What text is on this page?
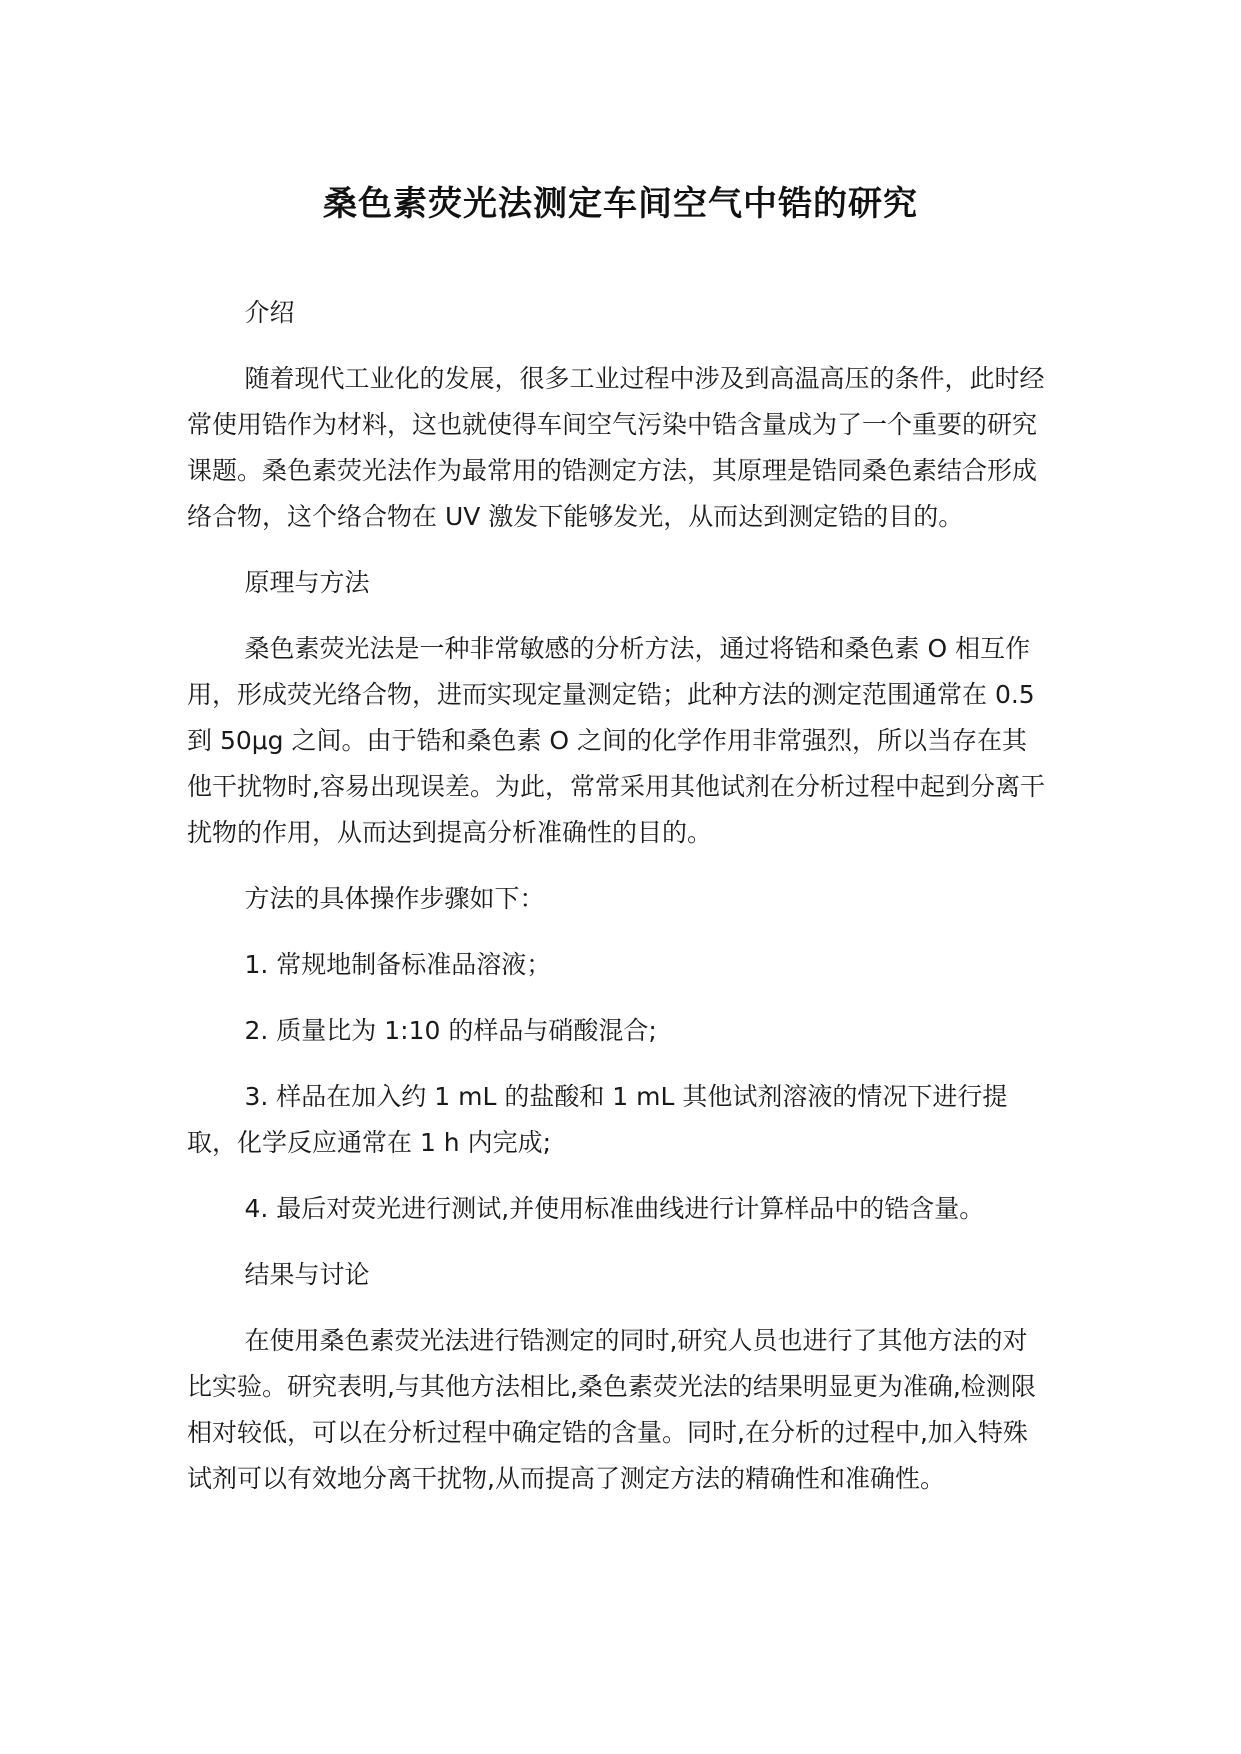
桑色素荧光法测定车间空气中锆的研究

介绍

随着现代工业化的发展，很多工业过程中涉及到高温高压的条件，此时经常使用锆作为材料，这也就使得车间空气污染中锆含量成为了一个重要的研究课题。桑色素荧光法作为最常用的锆测定方法，其原理是锆同桑色素结合形成络合物，这个络合物在 UV 激发下能够发光，从而达到测定锆的目的。

原理与方法

桑色素荧光法是一种非常敏感的分析方法，通过将锆和桑色素 O 相互作用，形成荧光络合物，进而实现定量测定锆；此种方法的测定范围通常在 0.5 到 50μg 之间。由于锆和桑色素 O 之间的化学作用非常强烈，所以当存在其他干扰物时,容易出现误差。为此，常常采用其他试剂在分析过程中起到分离干扰物的作用，从而达到提高分析准确性的目的。

方法的具体操作步骤如下：

1. 常规地制备标准品溶液；

2. 质量比为 1:10 的样品与硝酸混合;

3. 样品在加入约 1 mL 的盐酸和 1 mL 其他试剂溶液的情况下进行提取，化学反应通常在 1 h 内完成;

4. 最后对荧光进行测试,并使用标准曲线进行计算样品中的锆含量。

结果与讨论

在使用桑色素荧光法进行锆测定的同时,研究人员也进行了其他方法的对比实验。研究表明,与其他方法相比,桑色素荧光法的结果明显更为准确,检测限相对较低，可以在分析过程中确定锆的含量。同时,在分析的过程中,加入特殊试剂可以有效地分离干扰物,从而提高了测定方法的精确性和准确性。
